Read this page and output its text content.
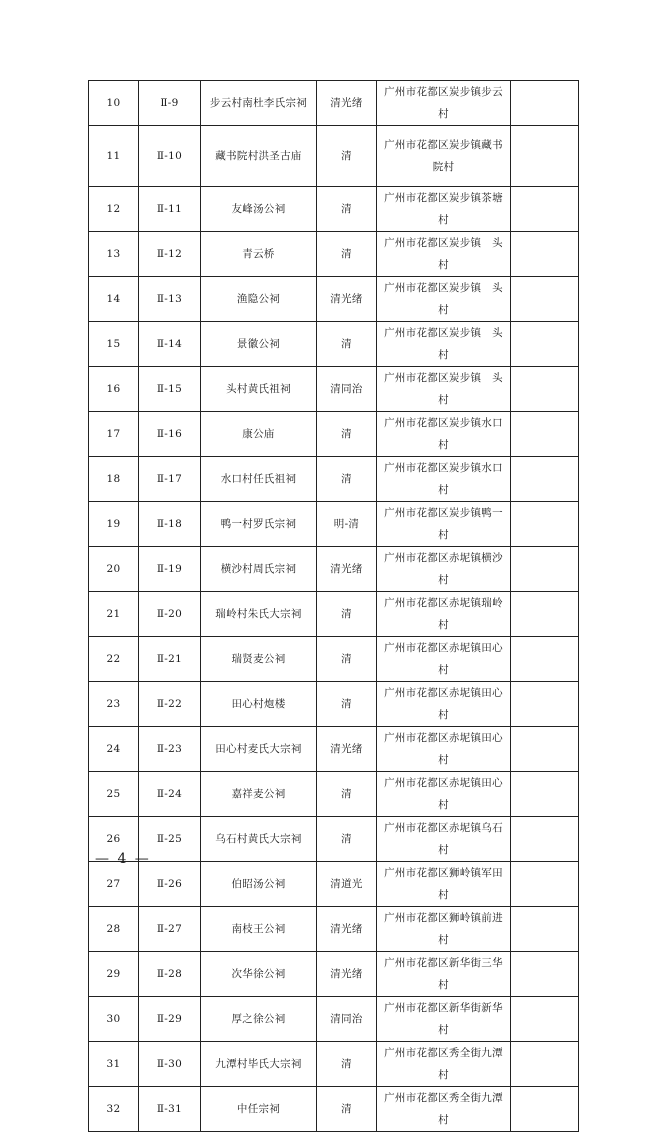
10	Ⅱ-9	步云村南杜李氏宗祠	清光绪	广州市花都区炭步镇步云村	
11	Ⅱ-10	藏书院村洪圣古庙	清	广州市花都区炭步镇藏书院村	
12	Ⅱ-11	友峰汤公祠	清	广州市花都区炭步镇茶塘村	
13	Ⅱ-12	青云桥	清	广州市花都区炭步镇　头村	
14	Ⅱ-13	渔隐公祠	清光绪	广州市花都区炭步镇　头村	
15	Ⅱ-14	景徽公祠	清	广州市花都区炭步镇　头村	
16	Ⅱ-15	头村黄氏祖祠	清同治	广州市花都区炭步镇　头村	
17	Ⅱ-16	康公庙	清	广州市花都区炭步镇水口村	
18	Ⅱ-17	水口村任氏祖祠	清	广州市花都区炭步镇水口村	
19	Ⅱ-18	鸭一村罗氏宗祠	明-清	广州市花都区炭步镇鸭一村	
20	Ⅱ-19	横沙村周氏宗祠	清光绪	广州市花都区赤坭镇横沙村	
21	Ⅱ-20	瑞岭村朱氏大宗祠	清	广州市花都区赤坭镇瑞岭村	
22	Ⅱ-21	瑞贤麦公祠	清	广州市花都区赤坭镇田心村	
23	Ⅱ-22	田心村炮楼	清	广州市花都区赤坭镇田心村	
24	Ⅱ-23	田心村麦氏大宗祠	清光绪	广州市花都区赤坭镇田心村	
25	Ⅱ-24	嘉祥麦公祠	清	广州市花都区赤坭镇田心村	
26	Ⅱ-25	乌石村黄氏大宗祠	清	广州市花都区赤坭镇乌石村	
27	Ⅱ-26	伯昭汤公祠	清道光	广州市花都区狮岭镇军田村	
28	Ⅱ-27	南枝王公祠	清光绪	广州市花都区狮岭镇前进村	
29	Ⅱ-28	次华徐公祠	清光绪	广州市花都区新华街三华村	
30	Ⅱ-29	厚之徐公祠	清同治	广州市花都区新华街新华村	
31	Ⅱ-30	九潭村毕氏大宗祠	清	广州市花都区秀全街九潭村	
32	Ⅱ-31	中任宗祠	清	广州市花都区秀全街九潭村	
— 4 —
